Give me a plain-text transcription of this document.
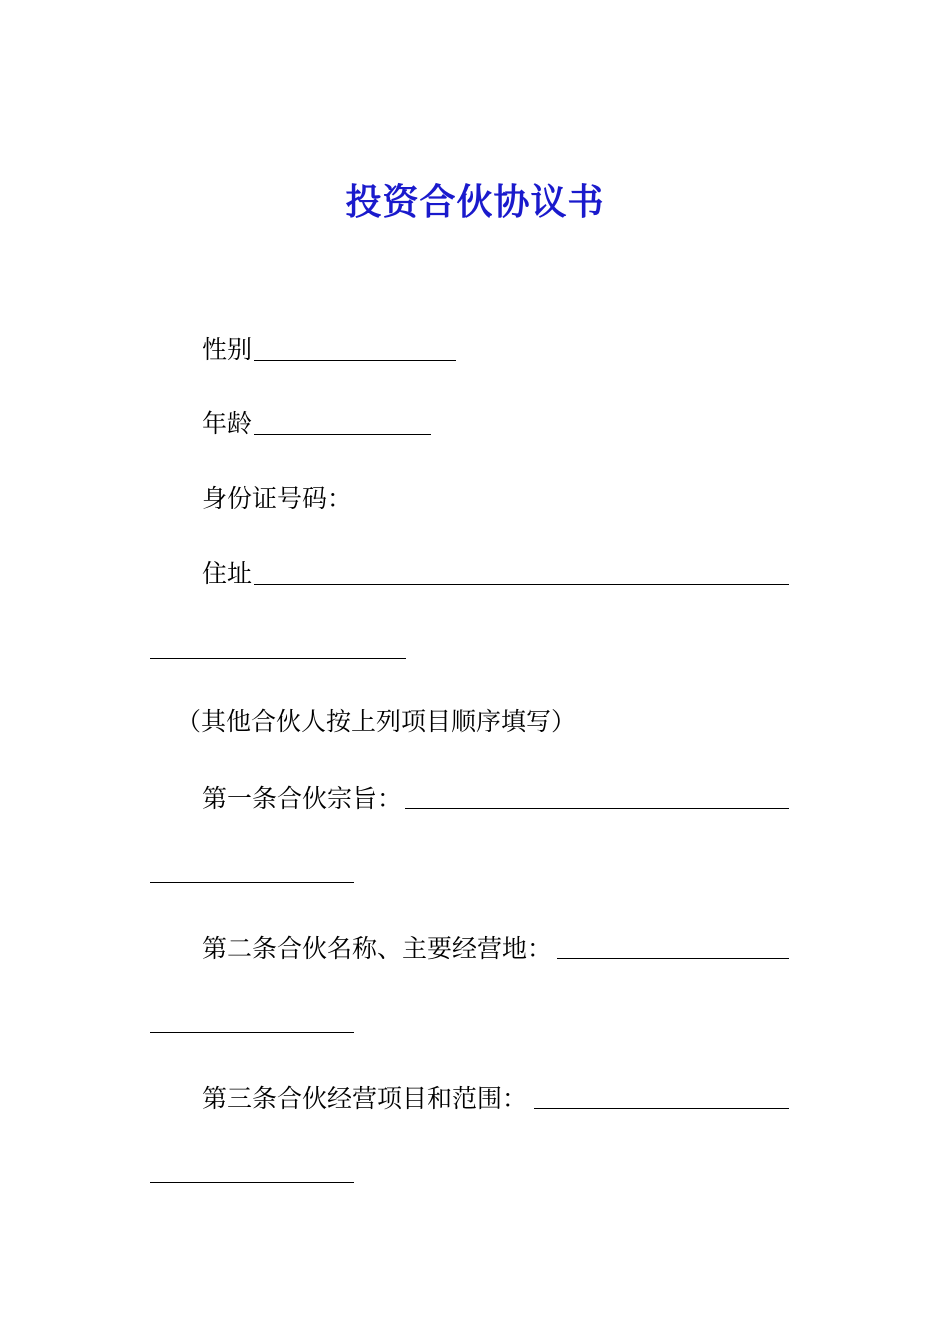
投资合伙协议书
性别
年龄
身份证号码：
住址
（其他合伙人按上列项目顺序填写）
第一条合伙宗旨：
第二条合伙名称、主要经营地：
第三条合伙经营项目和范围：
